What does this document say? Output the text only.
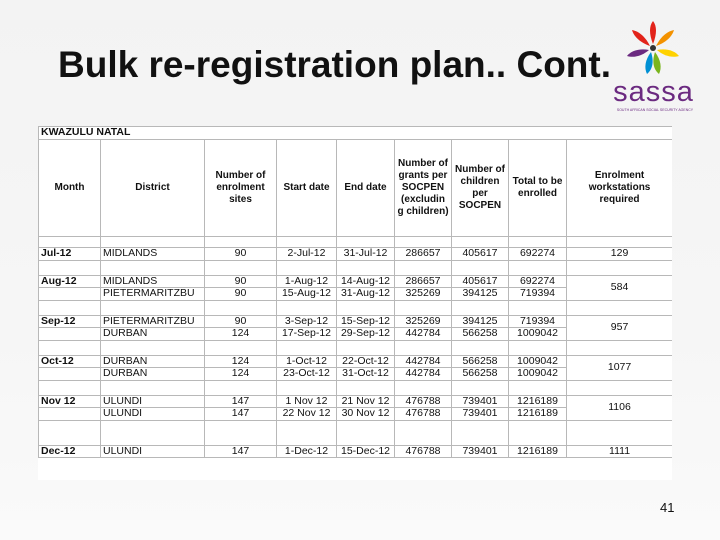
Bulk re-registration plan.. Cont.
sassa
SOUTH AFRICAN SOCIAL SECURITY AGENCY
KWAZULU NATAL								
Month	District	Number of enrolment sites	Start date	End date	Number of grants per SOCPEN (excludin g children)	Number of children per SOCPEN	Total to be enrolled	Enrolment workstations required

Jul-12	MIDLANDS	90	2-Jul-12	31-Jul-12	286657	405617	692274	129

Aug-12	MIDLANDS	90	1-Aug-12	14-Aug-12	286657	405617	692274	584
	PIETERMARITZBU	90	15-Aug-12	31-Aug-12	325269	394125	719394	

Sep-12	PIETERMARITZBU	90	3-Sep-12	15-Sep-12	325269	394125	719394	957
	DURBAN	124	17-Sep-12	29-Sep-12	442784	566258	1009042	

Oct-12	DURBAN	124	1-Oct-12	22-Oct-12	442784	566258	1009042	1077
	DURBAN	124	23-Oct-12	31-Oct-12	442784	566258	1009042	

Nov 12	ULUNDI	147	1 Nov 12	21 Nov 12	476788	739401	1216189	1106
	ULUNDI	147	22 Nov 12	30 Nov 12	476788	739401	1216189	

Dec-12	ULUNDI	147	1-Dec-12	15-Dec-12	476788	739401	1216189	1111
41
